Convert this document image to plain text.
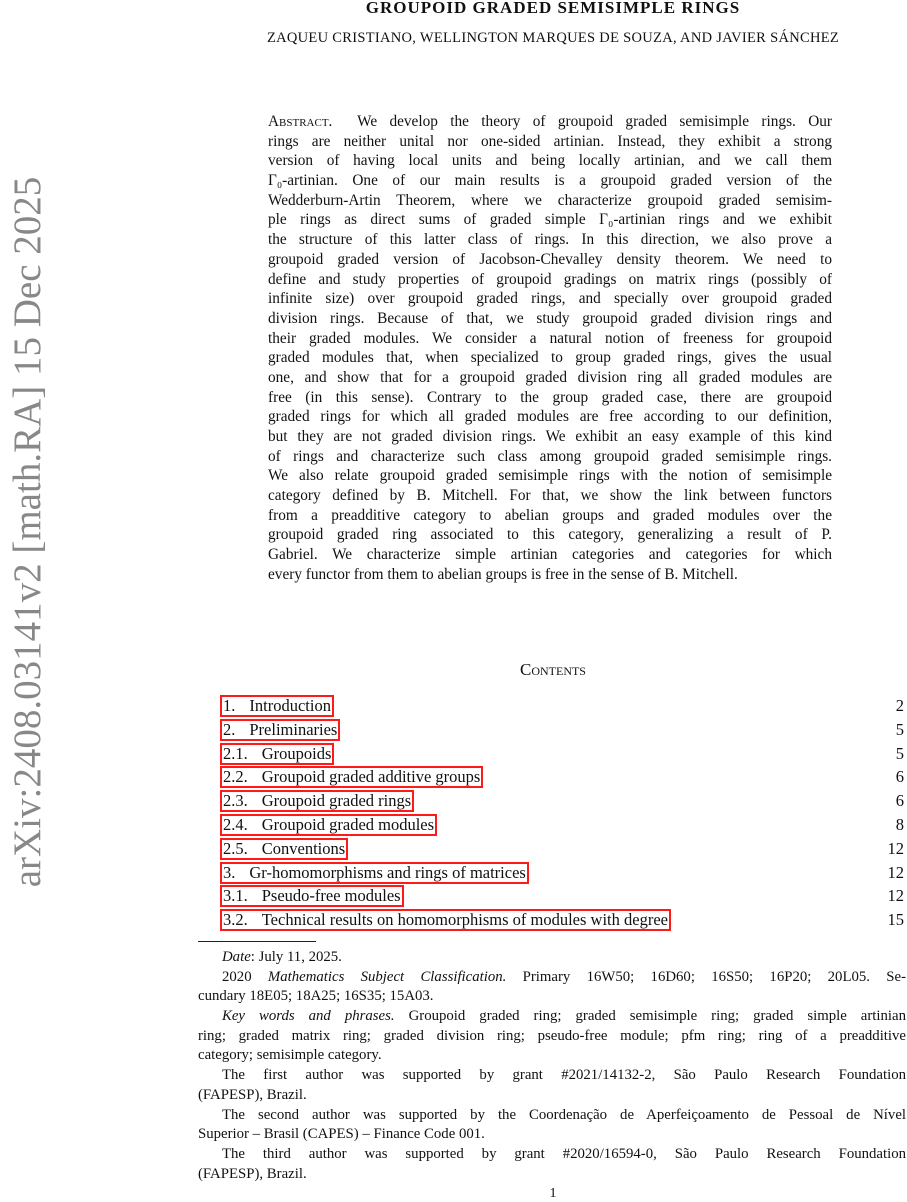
arXiv:2408.03141v2 [math.RA] 15 Dec 2025
GROUPOID GRADED SEMISIMPLE RINGS
ZAQUEU CRISTIANO, WELLINGTON MARQUES DE SOUZA, AND JAVIER SÁNCHEZ
Abstract. We develop the theory of groupoid graded semisimple rings. Our
rings are neither unital nor one-sided artinian. Instead, they exhibit a strong
version of having local units and being locally artinian, and we call them
Γ₀-artinian. One of our main results is a groupoid graded version of the
Wedderburn-Artin Theorem, where we characterize groupoid graded semisim-
ple rings as direct sums of graded simple Γ₀-artinian rings and we exhibit
the structure of this latter class of rings. In this direction, we also prove a
groupoid graded version of Jacobson-Chevalley density theorem. We need to
define and study properties of groupoid gradings on matrix rings (possibly of
infinite size) over groupoid graded rings, and specially over groupoid graded
division rings. Because of that, we study groupoid graded division rings and
their graded modules. We consider a natural notion of freeness for groupoid
graded modules that, when specialized to group graded rings, gives the usual
one, and show that for a groupoid graded division ring all graded modules are
free (in this sense). Contrary to the group graded case, there are groupoid
graded rings for which all graded modules are free according to our definition,
but they are not graded division rings. We exhibit an easy example of this kind
of rings and characterize such class among groupoid graded semisimple rings.
We also relate groupoid graded semisimple rings with the notion of semisimple
category defined by B. Mitchell. For that, we show the link between functors
from a preadditive category to abelian groups and graded modules over the
groupoid graded ring associated to this category, generalizing a result of P.
Gabriel. We characterize simple artinian categories and categories for which
every functor from them to abelian groups is free in the sense of B. Mitchell.
Contents
1. Introduction	2
2. Preliminaries	5
2.1. Groupoids	5
2.2. Groupoid graded additive groups	6
2.3. Groupoid graded rings	6
2.4. Groupoid graded modules	8
2.5. Conventions	12
3. Gr-homomorphisms and rings of matrices	12
3.1. Pseudo-free modules	12
3.2. Technical results on homomorphisms of modules with degree	15
Date: July 11, 2025.
2020 Mathematics Subject Classification. Primary 16W50; 16D60; 16S50; 16P20; 20L05. Se-
cundary 18E05; 18A25; 16S35; 15A03.
Key words and phrases. Groupoid graded ring; graded semisimple ring; graded simple artinian
ring; graded matrix ring; graded division ring; pseudo-free module; pfm ring; ring of a preadditive
category; semisimple category.
The first author was supported by grant #2021/14132-2, São Paulo Research Foundation
(FAPESP), Brazil.
The second author was supported by the Coordenação de Aperfeiçoamento de Pessoal de Nível
Superior – Brasil (CAPES) – Finance Code 001.
The third author was supported by grant #2020/16594-0, São Paulo Research Foundation
(FAPESP), Brazil.
1
